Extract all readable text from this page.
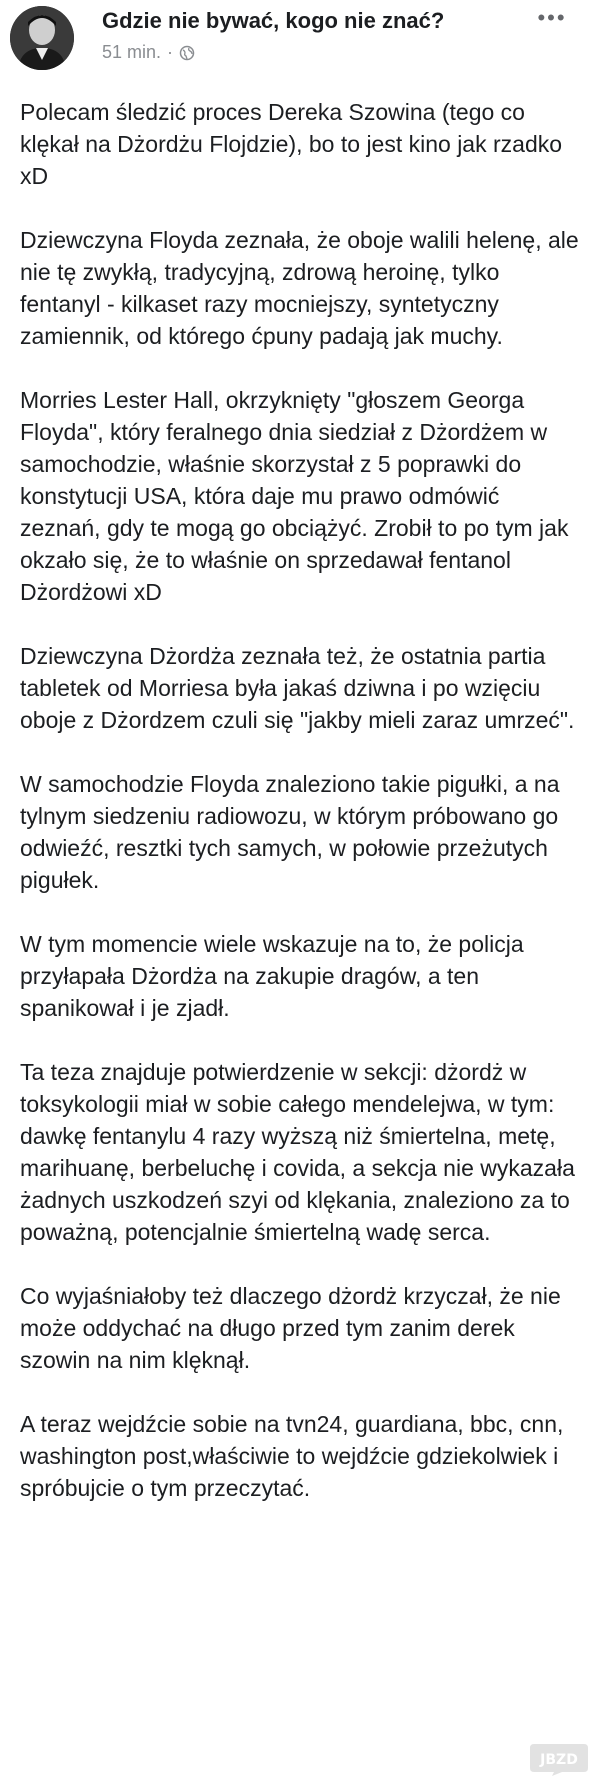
Gdzie nie bywać, kogo nie znać?
51 min. ·
•••

Polecam śledzić proces Dereka Szowina (tego co klękał na Dżordżu Flojdzie), bo to jest kino jak rzadko xD

Dziewczyna Floyda zeznała, że oboje walili helenę, ale nie tę zwykłą, tradycyjną, zdrową heroinę, tylko fentanyl - kilkaset razy mocniejszy, syntetyczny zamiennik, od którego ćpuny padają jak muchy.

Morries Lester Hall, okrzyknięty "głoszem Georga Floyda", który feralnego dnia siedział z Dżordżem w samochodzie, właśnie skorzystał z 5 poprawki do konstytucji USA, która daje mu prawo odmówić zeznań, gdy te mogą go obciążyć. Zrobił to po tym jak okzało się, że to właśnie on sprzedawał fentanol Dżordżowi xD

Dziewczyna Dżordża zeznała też, że ostatnia partia tabletek od Morriesa była jakaś dziwna i po wzięciu oboje z Dżordzem czuli się "jakby mieli zaraz umrzeć".

W samochodzie Floyda znaleziono takie pigułki, a na tylnym siedzeniu radiowozu, w którym próbowano go odwieźć, resztki tych samych, w połowie przeżutych pigułek.

W tym momencie wiele wskazuje na to, że policja przyłapała Dżordża na zakupie dragów, a ten spanikował i je zjadł.

Ta teza znajduje potwierdzenie w sekcji: dżordż w toksykologii miał w sobie całego mendelejwa, w tym: dawkę fentanylu 4 razy wyższą niż śmiertelna, metę, marihuanę, berbeluchę i covida, a sekcja nie wykazała żadnych uszkodzeń szyi od klękania, znaleziono za to poważną, potencjalnie śmiertelną wadę serca.

Co wyjaśniałoby też dlaczego dżordż krzyczał, że nie może oddychać na długo przed tym zanim derek szowin na nim klęknął.

A teraz wejdźcie sobie na tvn24, guardiana, bbc, cnn, washington post,właściwie to wejdźcie gdziekolwiek i spróbujcie o tym przeczytać.

JBZD
